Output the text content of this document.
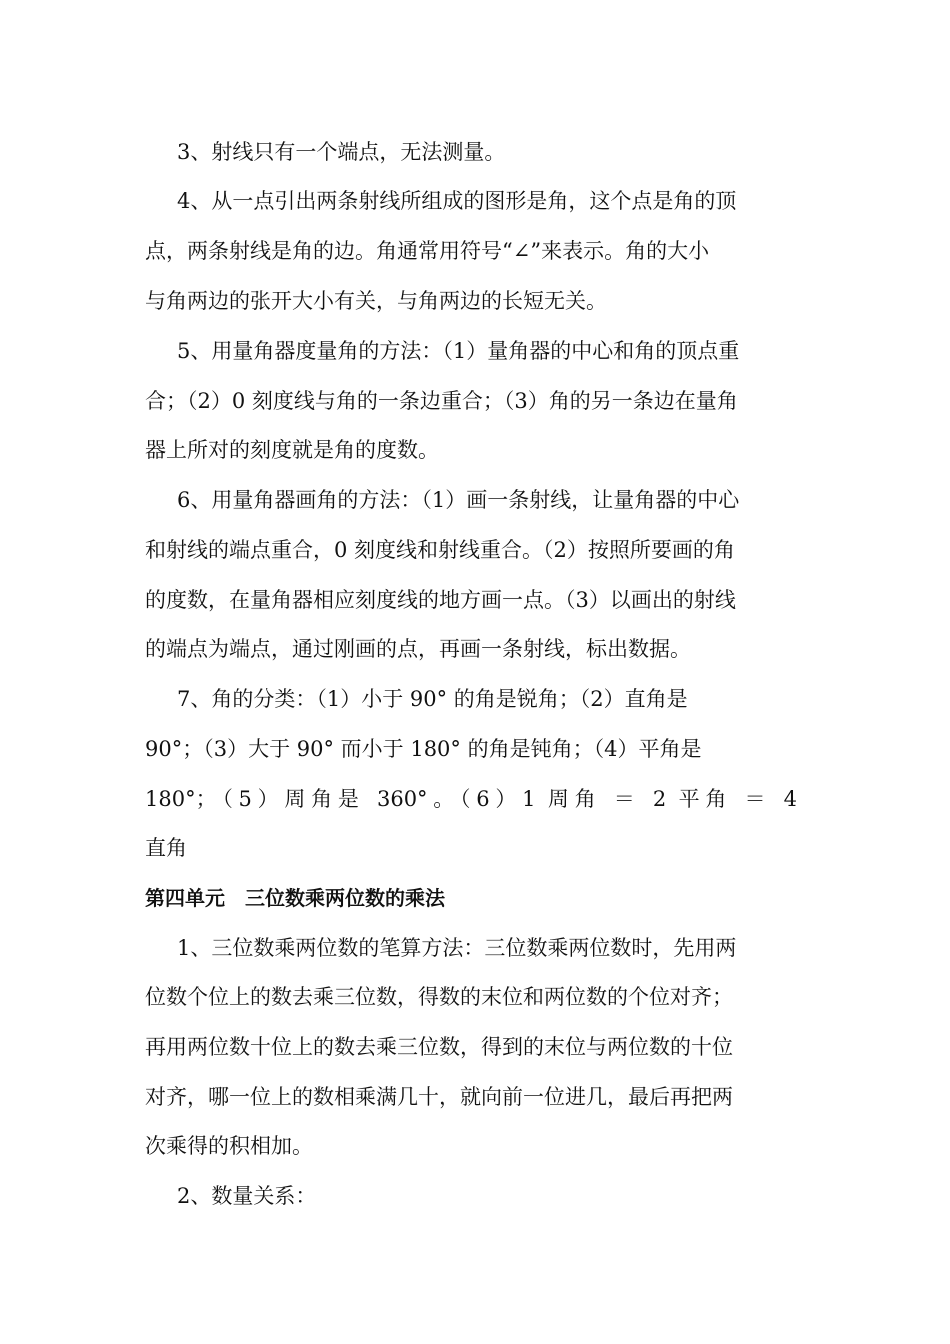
3、射线只有一个端点，无法测量。
4、从一点引出两条射线所组成的图形是角，这个点是角的顶
点，两条射线是角的边。角通常用符号“∠”来表示。角的大小
与角两边的张开大小有关，与角两边的长短无关。
5、用量角器度量角的方法：（1）量角器的中心和角的顶点重
合；（2）0 刻度线与角的一条边重合；（3）角的另一条边在量角
器上所对的刻度就是角的度数。
6、用量角器画角的方法：（1）画一条射线，让量角器的中心
和射线的端点重合，0 刻度线和射线重合。（2）按照所要画的角
的度数，在量角器相应刻度线的地方画一点。（3）以画出的射线
的端点为端点，通过刚画的点，再画一条射线，标出数据。
7、角的分类：（1）小于 90° 的角是锐角；（2）直角是
90°；（3）大于 90° 而小于 180° 的角是钝角；（4）平角是
180°；（5）周角是 360°。（6）1 周角 ＝ 2 平角 ＝ 4
直角
第四单元　三位数乘两位数的乘法
1、三位数乘两位数的笔算方法：三位数乘两位数时，先用两
位数个位上的数去乘三位数，得数的末位和两位数的个位对齐；
再用两位数十位上的数去乘三位数，得到的末位与两位数的十位
对齐，哪一位上的数相乘满几十，就向前一位进几，最后再把两
次乘得的积相加。
2、数量关系：
